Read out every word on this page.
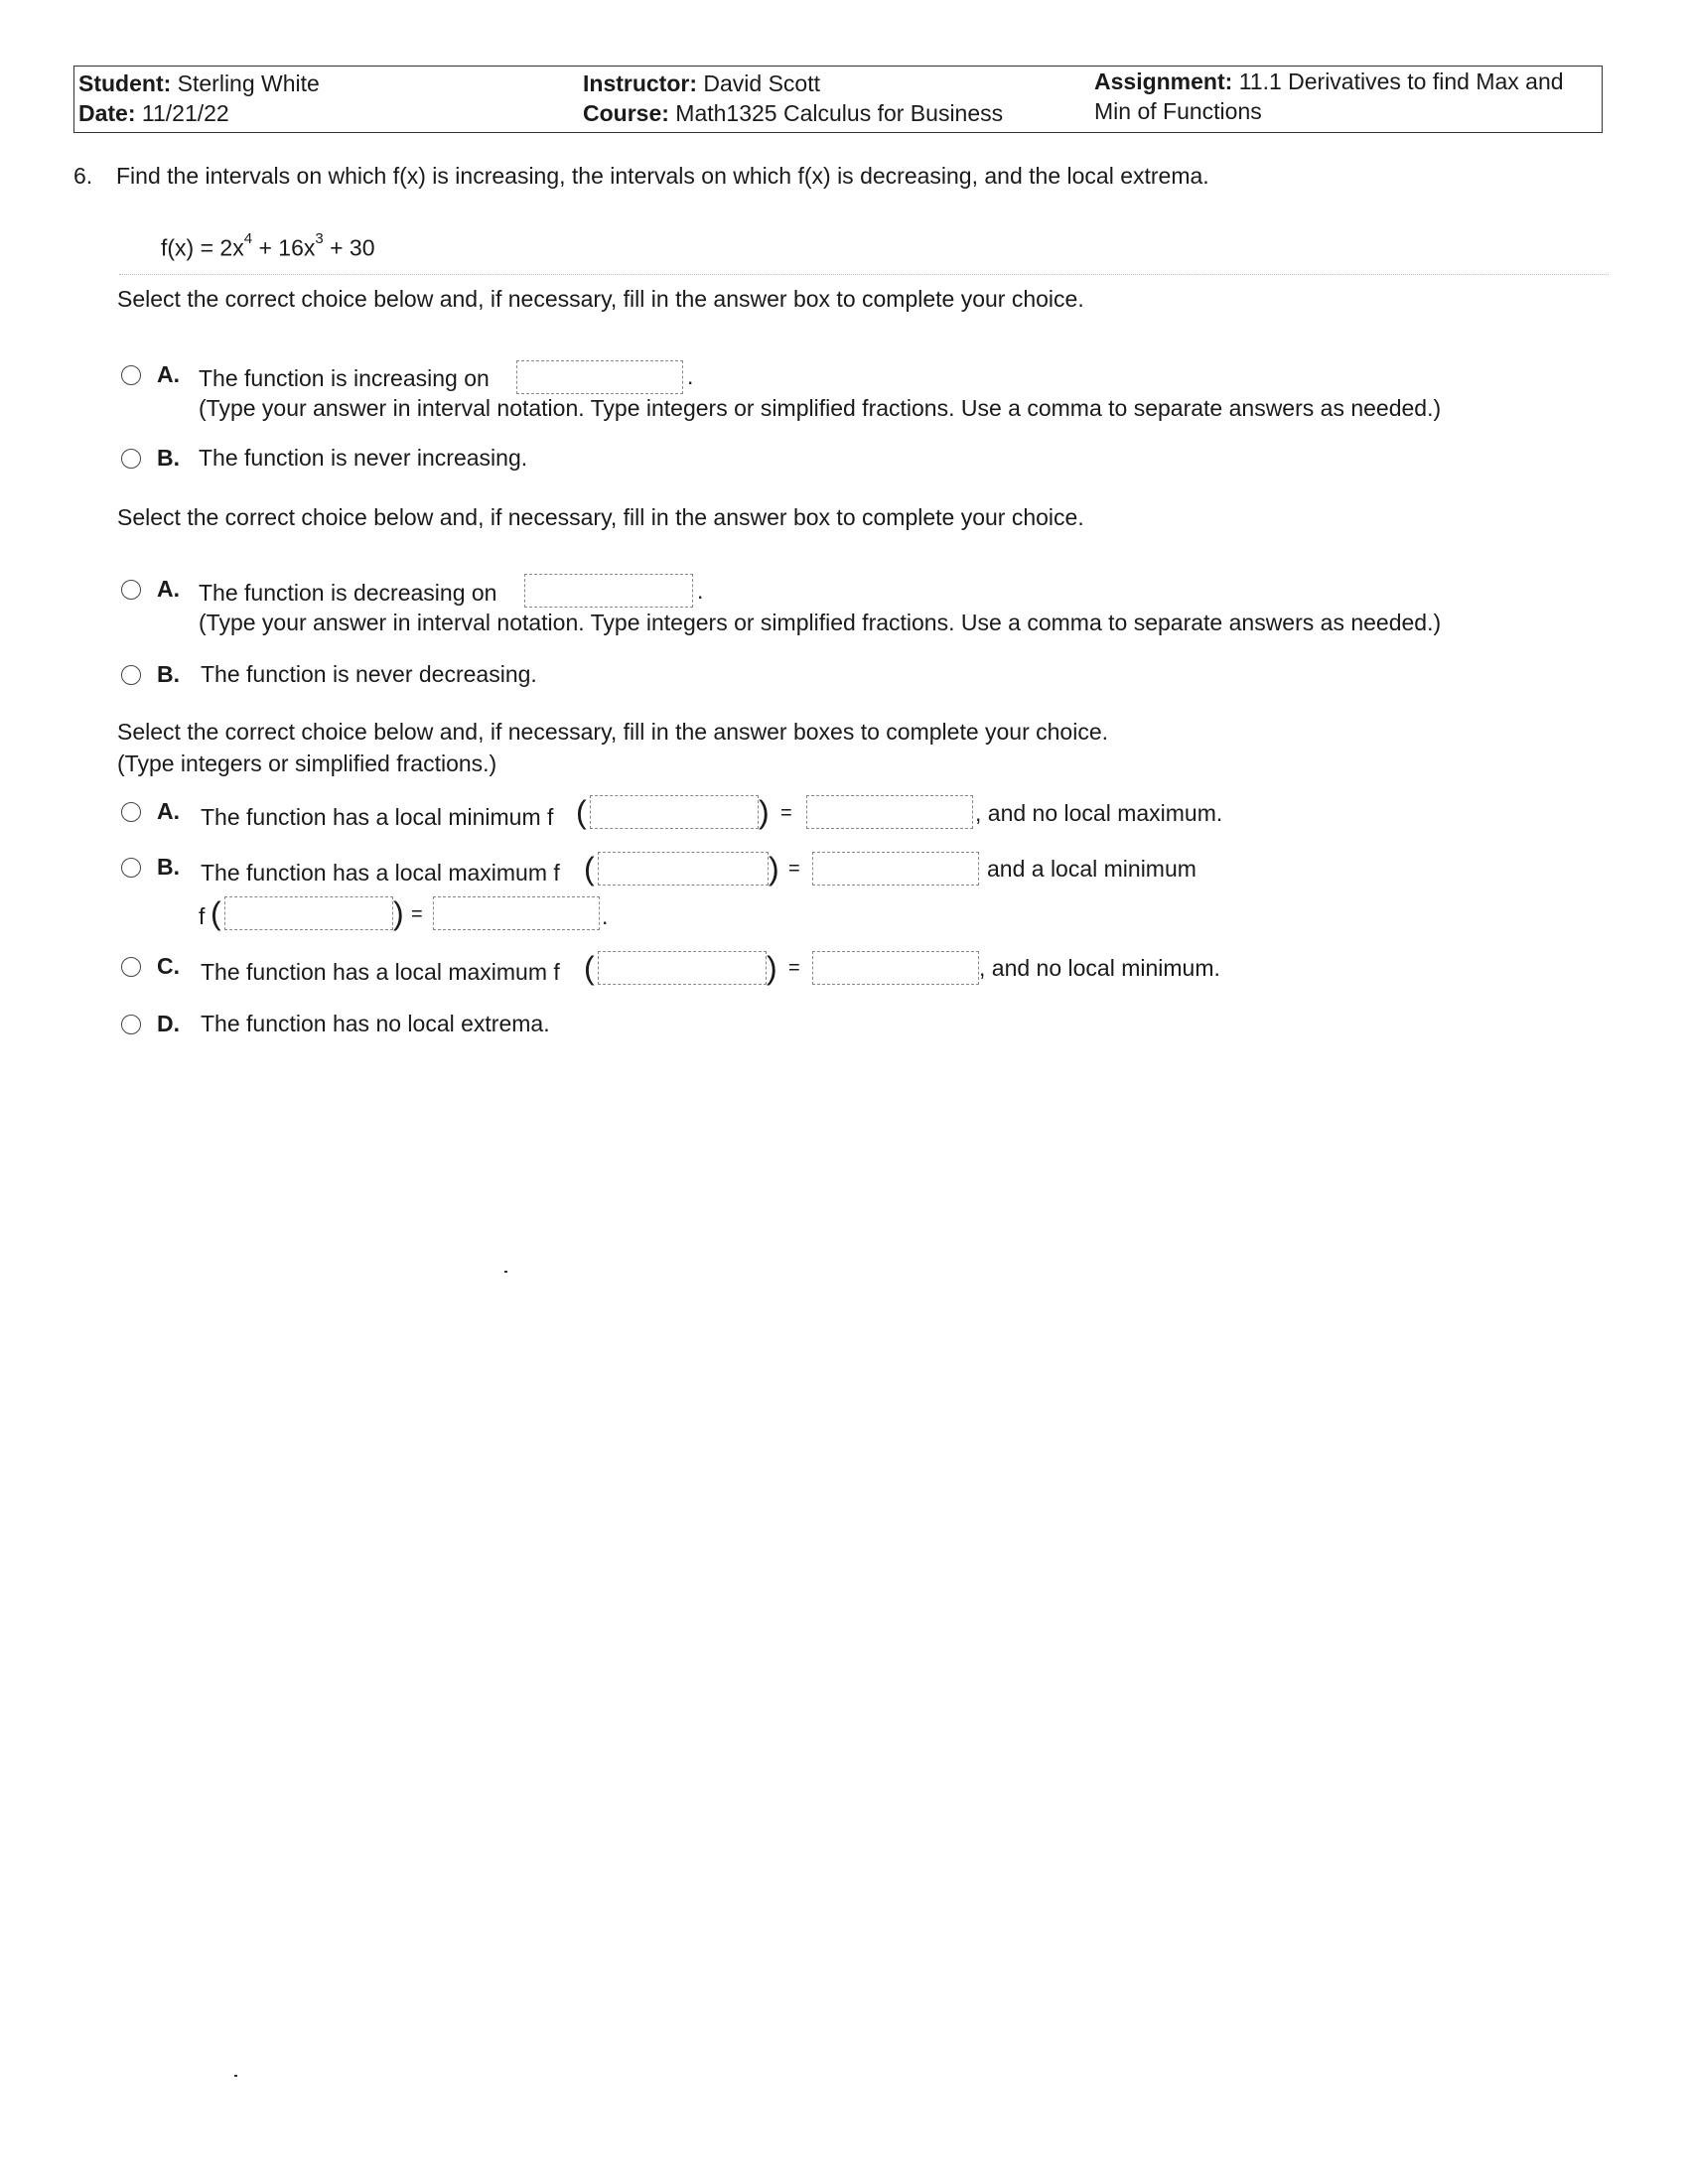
Student: Sterling White
Date: 11/21/22
Instructor: David Scott
Course: Math1325 Calculus for Business
Assignment: 11.1 Derivatives to find Max and
Min of Functions
6. Find the intervals on which f(x) is increasing, the intervals on which f(x) is decreasing, and the local extrema.
$f(x) = 2x^4 + 16x^3 + 30$
Select the correct choice below and, if necessary, fill in the answer box to complete your choice.
A. The function is increasing on	.
(Type your answer in interval notation. Type integers or simplified fractions. Use a comma to separate answers as needed.)
B. The function is never increasing.
Select the correct choice below and, if necessary, fill in the answer box to complete your choice.
A. The function is decreasing on	.
(Type your answer in interval notation. Type integers or simplified fractions. Use a comma to separate answers as needed.)
B. The function is never decreasing.
Select the correct choice below and, if necessary, fill in the answer boxes to complete your choice.
(Type integers or simplified fractions.)
A. The function has a local minimum f (	) =	, and no local maximum.
B. The function has a local maximum f (	) =	and a local minimum
f (	) =	.
C. The function has a local maximum f (	) =	, and no local minimum.
D. The function has no local extrema.
